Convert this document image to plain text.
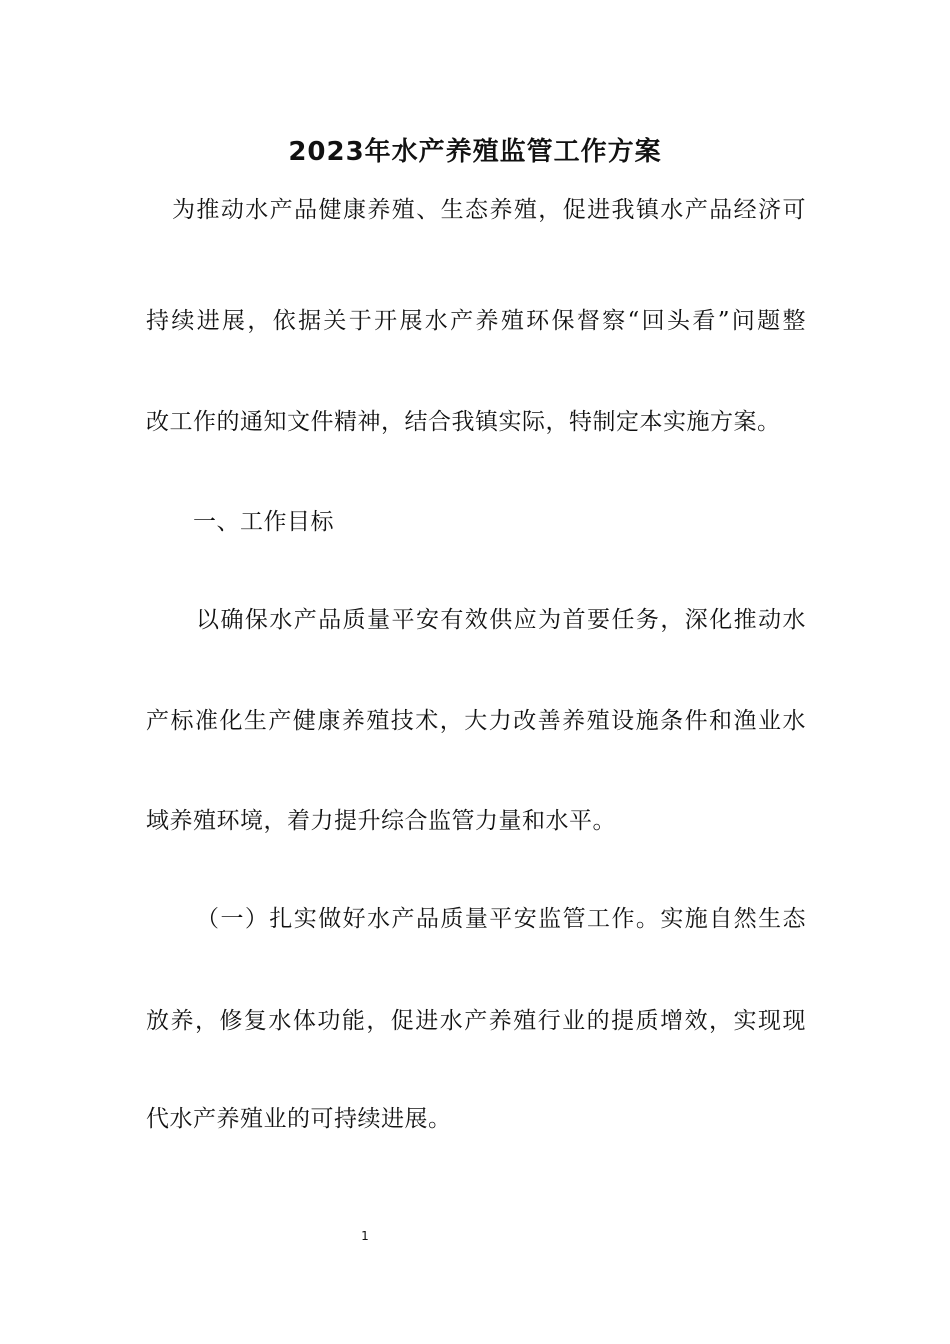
2023年水产养殖监管工作方案
为推动水产品健康养殖、生态养殖，促进我镇水产品经济可
持续进展，依据关于开展水产养殖环保督察“回头看”问题整
改工作的通知文件精神，结合我镇实际，特制定本实施方案。
一、工作目标
以确保水产品质量平安有效供应为首要任务，深化推动水
产标准化生产健康养殖技术，大力改善养殖设施条件和渔业水
域养殖环境，着力提升综合监管力量和水平。
（一）扎实做好水产品质量平安监管工作。实施自然生态
放养，修复水体功能，促进水产养殖行业的提质增效，实现现
代水产养殖业的可持续进展。
1
